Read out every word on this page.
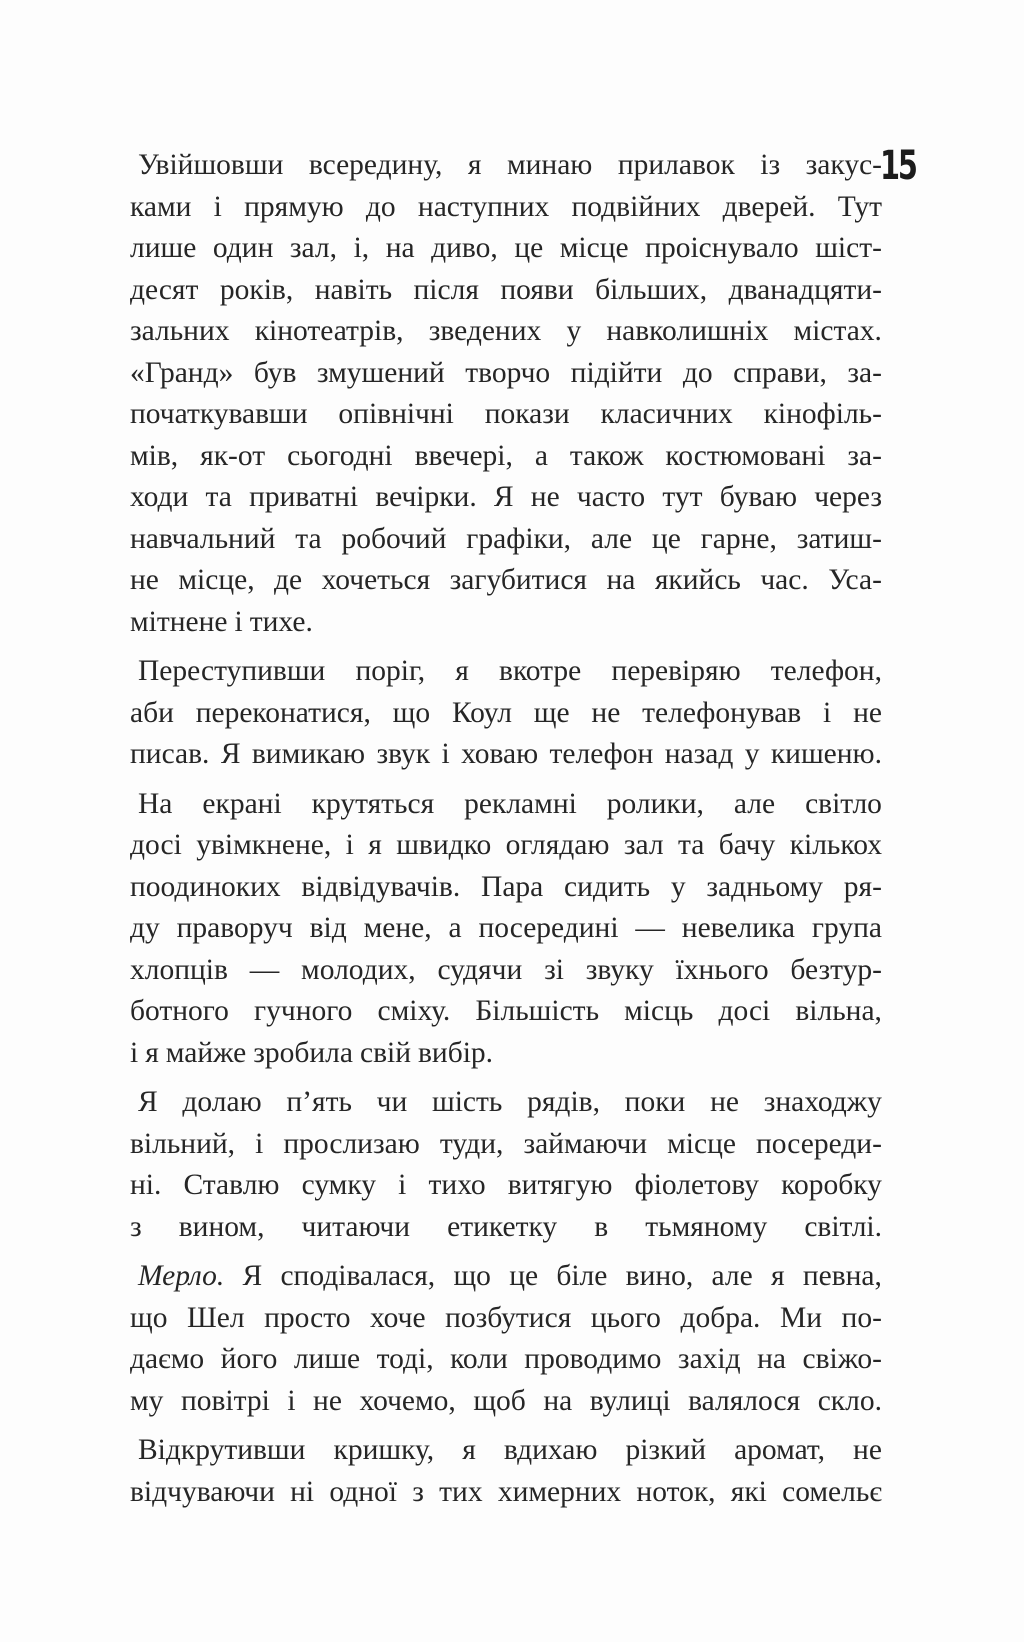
15
Увійшовши всередину, я минаю прилавок із закус-
ками і прямую до наступних подвійних дверей. Тут
лише один зал, і, на диво, це місце проіснувало шіст-
десят років, навіть після появи більших, дванадцяти-
зальних кінотеатрів, зведених у навколишніх містах.
«Гранд» був змушений творчо підійти до справи, за-
початкувавши опівнічні покази класичних кінофіль-
мів, як-от сьогодні ввечері, а також костюмовані за-
ходи та приватні вечірки. Я не часто тут буваю через
навчальний та робочий графіки, але це гарне, затиш-
не місце, де хочеться загубитися на якийсь час. Уса-
мітнене і тихе.
Переступивши поріг, я вкотре перевіряю телефон,
аби переконатися, що Коул ще не телефонував і не
писав. Я вимикаю звук і ховаю телефон назад у кишеню.
На екрані крутяться рекламні ролики, але світло
досі увімкнене, і я швидко оглядаю зал та бачу кількох
поодиноких відвідувачів. Пара сидить у задньому ря-
ду праворуч від мене, а посередині — невелика група
хлопців — молодих, судячи зі звуку їхнього безтур-
ботного гучного сміху. Більшість місць досі вільна,
і я майже зробила свій вибір.
Я долаю п’ять чи шість рядів, поки не знаходжу
вільний, і прослизаю туди, займаючи місце посереди-
ні. Ставлю сумку і тихо витягую фіолетову коробку
з вином, читаючи етикетку в тьмяному світлі.
Мерло. Я сподівалася, що це біле вино, але я певна,
що Шел просто хоче позбутися цього добра. Ми по-
даємо його лише тоді, коли проводимо захід на свіжо-
му повітрі і не хочемо, щоб на вулиці валялося скло.
Відкрутивши кришку, я вдихаю різкий аромат, не
відчуваючи ні одної з тих химерних ноток, які сомельє
